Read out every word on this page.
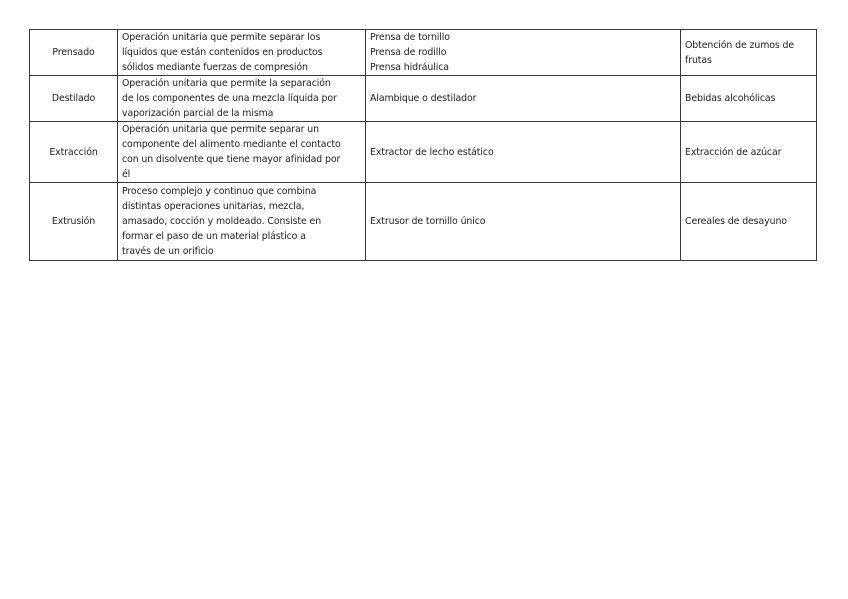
Prensado	Operación unitaria que permite separar los
líquidos que están contenidos en productos
sólidos mediante fuerzas de compresión	Prensa de tornillo
Prensa de rodillo
Prensa hidráulica	Obtención de zumos de
frutas

Destilado	Operación unitaria que permite la separación
de los componentes de una mezcla líquida por
vaporización parcial de la misma	Alambique o destilador	Bebidas alcohólicas

Extracción	Operación unitaria que permite separar un
componente del alimento mediante el contacto
con un disolvente que tiene mayor afinidad por
él	Extractor de lecho estático	Extracción de azúcar

Extrusión	Proceso complejo y continuo que combina
distintas operaciones unitarias, mezcla,
amasado, cocción y moldeado. Consiste en
formar el paso de un material plástico a
través de un orificio	Extrusor de tornillo único	Cereales de desayuno
